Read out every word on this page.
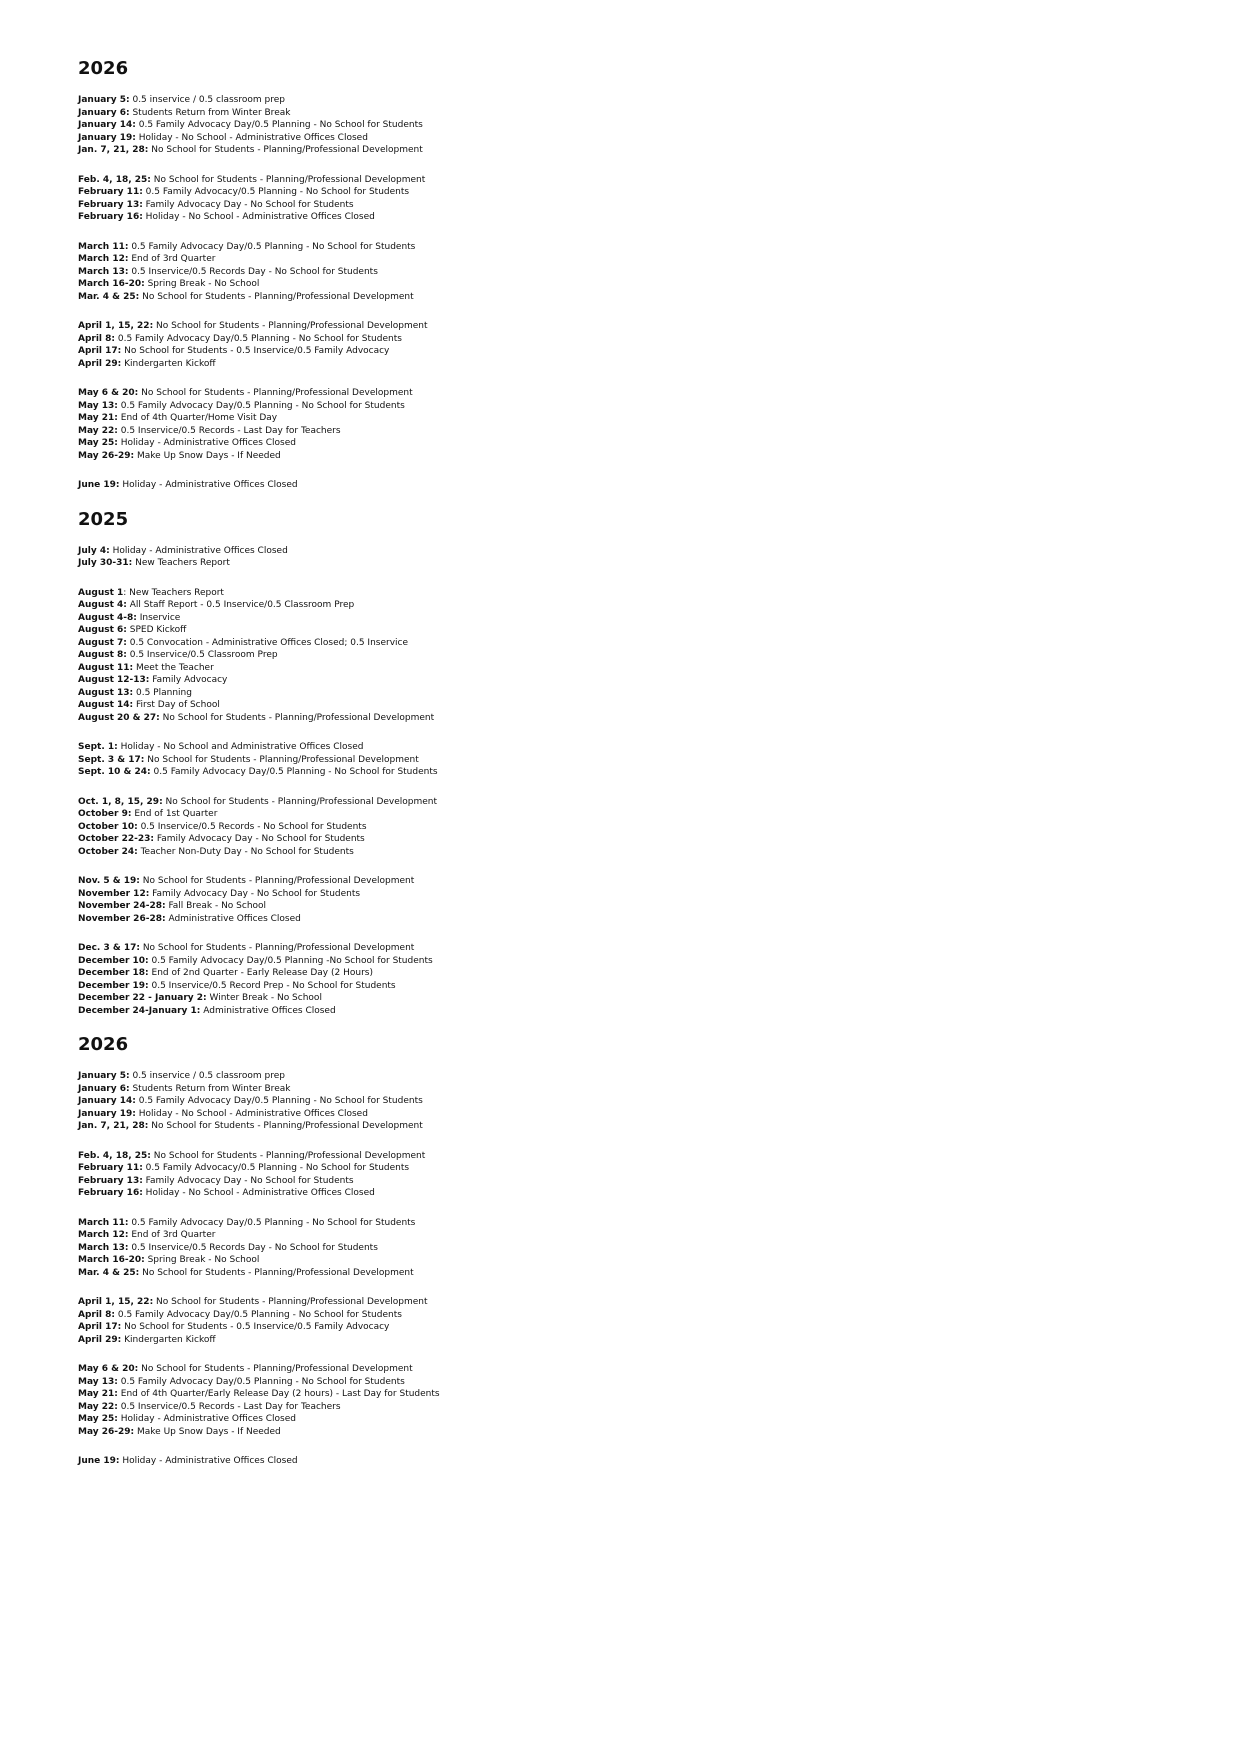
2026
January 5: 0.5 inservice / 0.5 classroom prep
January 6: Students Return from Winter Break
January 14: 0.5 Family Advocacy Day/0.5 Planning - No School for Students
January 19: Holiday - No School - Administrative Offices Closed
Jan. 7, 21, 28: No School for Students - Planning/Professional Development
Feb. 4, 18, 25: No School for Students - Planning/Professional Development
February 11: 0.5 Family Advocacy/0.5 Planning - No School for Students
February 13: Family Advocacy Day - No School for Students
February 16: Holiday - No School - Administrative Offices Closed
March 11: 0.5 Family Advocacy Day/0.5 Planning - No School for Students
March 12: End of 3rd Quarter
March 13: 0.5 Inservice/0.5 Records Day - No School for Students
March 16-20: Spring Break - No School
Mar. 4 & 25: No School for Students - Planning/Professional Development
April 1, 15, 22: No School for Students - Planning/Professional Development
April 8: 0.5 Family Advocacy Day/0.5 Planning - No School for Students
April 17: No School for Students - 0.5 Inservice/0.5 Family Advocacy
April 29: Kindergarten Kickoff
May 6 & 20: No School for Students - Planning/Professional Development
May 13: 0.5 Family Advocacy Day/0.5 Planning - No School for Students
May 21: End of 4th Quarter/Home Visit Day
May 22: 0.5 Inservice/0.5 Records - Last Day for Teachers
May 25: Holiday - Administrative Offices Closed
May 26-29: Make Up Snow Days - If Needed
June 19: Holiday - Administrative Offices Closed
2025
July 4: Holiday - Administrative Offices Closed
July 30-31: New Teachers Report
August 1: New Teachers Report
August 4: All Staff Report - 0.5 Inservice/0.5 Classroom Prep
August 4-8: Inservice
August 6: SPED Kickoff
August 7: 0.5 Convocation - Administrative Offices Closed; 0.5 Inservice
August 8: 0.5 Inservice/0.5 Classroom Prep
August 11: Meet the Teacher
August 12-13: Family Advocacy
August 13: 0.5 Planning
August 14: First Day of School
August 20 & 27: No School for Students - Planning/Professional Development
Sept. 1: Holiday - No School and Administrative Offices Closed
Sept. 3 & 17: No School for Students - Planning/Professional Development
Sept. 10 & 24: 0.5 Family Advocacy Day/0.5 Planning - No School for Students
Oct. 1, 8, 15, 29: No School for Students - Planning/Professional Development
October 9: End of 1st Quarter
October 10: 0.5 Inservice/0.5 Records - No School for Students
October 22-23: Family Advocacy Day - No School for Students
October 24: Teacher Non-Duty Day - No School for Students
Nov. 5 & 19: No School for Students - Planning/Professional Development
November 12: Family Advocacy Day - No School for Students
November 24-28: Fall Break - No School
November 26-28: Administrative Offices Closed
Dec. 3 & 17: No School for Students - Planning/Professional Development
December 10: 0.5 Family Advocacy Day/0.5 Planning -No School for Students
December 18: End of 2nd Quarter - Early Release Day (2 Hours)
December 19: 0.5 Inservice/0.5 Record Prep - No School for Students
December 22 - January 2: Winter Break - No School
December 24-January 1: Administrative Offices Closed
2026
January 5: 0.5 inservice / 0.5 classroom prep
January 6: Students Return from Winter Break
January 14: 0.5 Family Advocacy Day/0.5 Planning - No School for Students
January 19: Holiday - No School - Administrative Offices Closed
Jan. 7, 21, 28: No School for Students - Planning/Professional Development
Feb. 4, 18, 25: No School for Students - Planning/Professional Development
February 11: 0.5 Family Advocacy/0.5 Planning - No School for Students
February 13: Family Advocacy Day - No School for Students
February 16: Holiday - No School - Administrative Offices Closed
March 11: 0.5 Family Advocacy Day/0.5 Planning - No School for Students
March 12: End of 3rd Quarter
March 13: 0.5 Inservice/0.5 Records Day - No School for Students
March 16-20: Spring Break - No School
Mar. 4 & 25: No School for Students - Planning/Professional Development
April 1, 15, 22: No School for Students - Planning/Professional Development
April 8: 0.5 Family Advocacy Day/0.5 Planning - No School for Students
April 17: No School for Students - 0.5 Inservice/0.5 Family Advocacy
April 29: Kindergarten Kickoff
May 6 & 20: No School for Students - Planning/Professional Development
May 13: 0.5 Family Advocacy Day/0.5 Planning - No School for Students
May 21: End of 4th Quarter/Early Release Day (2 hours) - Last Day for Students
May 22: 0.5 Inservice/0.5 Records - Last Day for Teachers
May 25: Holiday - Administrative Offices Closed
May 26-29: Make Up Snow Days - If Needed
June 19: Holiday - Administrative Offices Closed
